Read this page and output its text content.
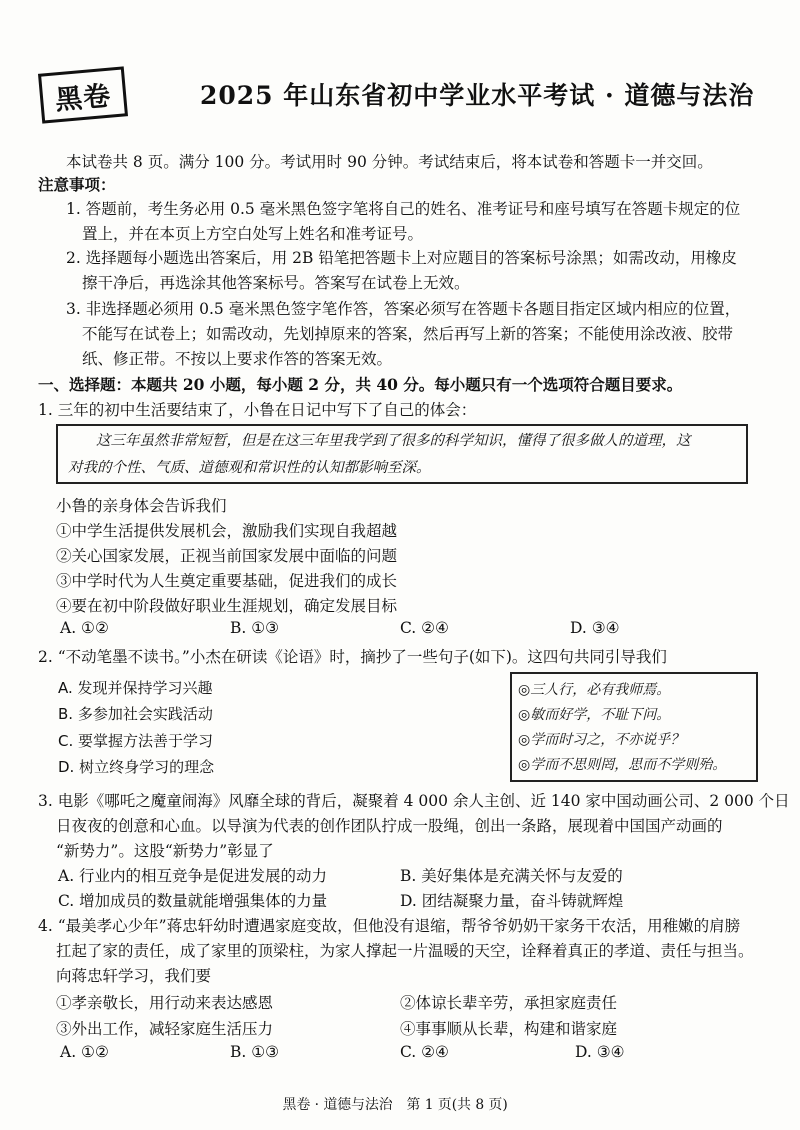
黑卷	2025 年山东省初中学业水平考试 · 道德与法治
本试卷共 8 页。满分 100 分。考试用时 90 分钟。考试结束后，将本试卷和答题卡一并交回。
注意事项：
1. 答题前，考生务必用 0.5 毫米黑色签字笔将自己的姓名、准考证号和座号填写在答题卡规定的位
置上，并在本页上方空白处写上姓名和准考证号。
2. 选择题每小题选出答案后，用 2B 铅笔把答题卡上对应题目的答案标号涂黑；如需改动，用橡皮
擦干净后，再选涂其他答案标号。答案写在试卷上无效。
3. 非选择题必须用 0.5 毫米黑色签字笔作答，答案必须写在答题卡各题目指定区域内相应的位置，
不能写在试卷上；如需改动，先划掉原来的答案，然后再写上新的答案；不能使用涂改液、胶带
纸、修正带。不按以上要求作答的答案无效。
一、选择题：本题共 20 小题，每小题 2 分，共 40 分。每小题只有一个选项符合题目要求。
1. 三年的初中生活要结束了，小鲁在日记中写下了自己的体会：
这三年虽然非常短暂，但是在这三年里我学到了很多的科学知识，懂得了很多做人的道理，这
对我的个性、气质、道德观和常识性的认知都影响至深。
小鲁的亲身体会告诉我们
①中学生活提供发展机会，激励我们实现自我超越
②关心国家发展，正视当前国家发展中面临的问题
③中学时代为人生奠定重要基础，促进我们的成长
④要在初中阶段做好职业生涯规划，确定发展目标
A. ①②	B. ①③	C. ②④	D. ③④
2. “不动笔墨不读书。”小杰在研读《论语》时，摘抄了一些句子(如下)。这四句共同引导我们
A. 发现并保持学习兴趣
B. 多参加社会实践活动
C. 要掌握方法善于学习
D. 树立终身学习的理念
◎三人行，必有我师焉。
◎敏而好学，不耻下问。
◎学而时习之，不亦说乎？
◎学而不思则罔，思而不学则殆。
3. 电影《哪吒之魔童闹海》风靡全球的背后，凝聚着 4 000 余人主创、近 140 家中国动画公司、2 000 个日
日夜夜的创意和心血。以导演为代表的创作团队拧成一股绳，创出一条路，展现着中国国产动画的
“新势力”。这股“新势力”彰显了
A. 行业内的相互竞争是促进发展的动力	B. 美好集体是充满关怀与友爱的
C. 增加成员的数量就能增强集体的力量	D. 团结凝聚力量，奋斗铸就辉煌
4. “最美孝心少年”蒋忠轩幼时遭遇家庭变故，但他没有退缩，帮爷爷奶奶干家务干农活，用稚嫩的肩膀
扛起了家的责任，成了家里的顶梁柱，为家人撑起一片温暖的天空，诠释着真正的孝道、责任与担当。
向蒋忠轩学习，我们要
①孝亲敬长，用行动来表达感恩	②体谅长辈辛劳，承担家庭责任
③外出工作，减轻家庭生活压力	④事事顺从长辈，构建和谐家庭
A. ①②	B. ①③	C. ②④	D. ③④
黑卷 · 道德与法治　第 1 页(共 8 页)
